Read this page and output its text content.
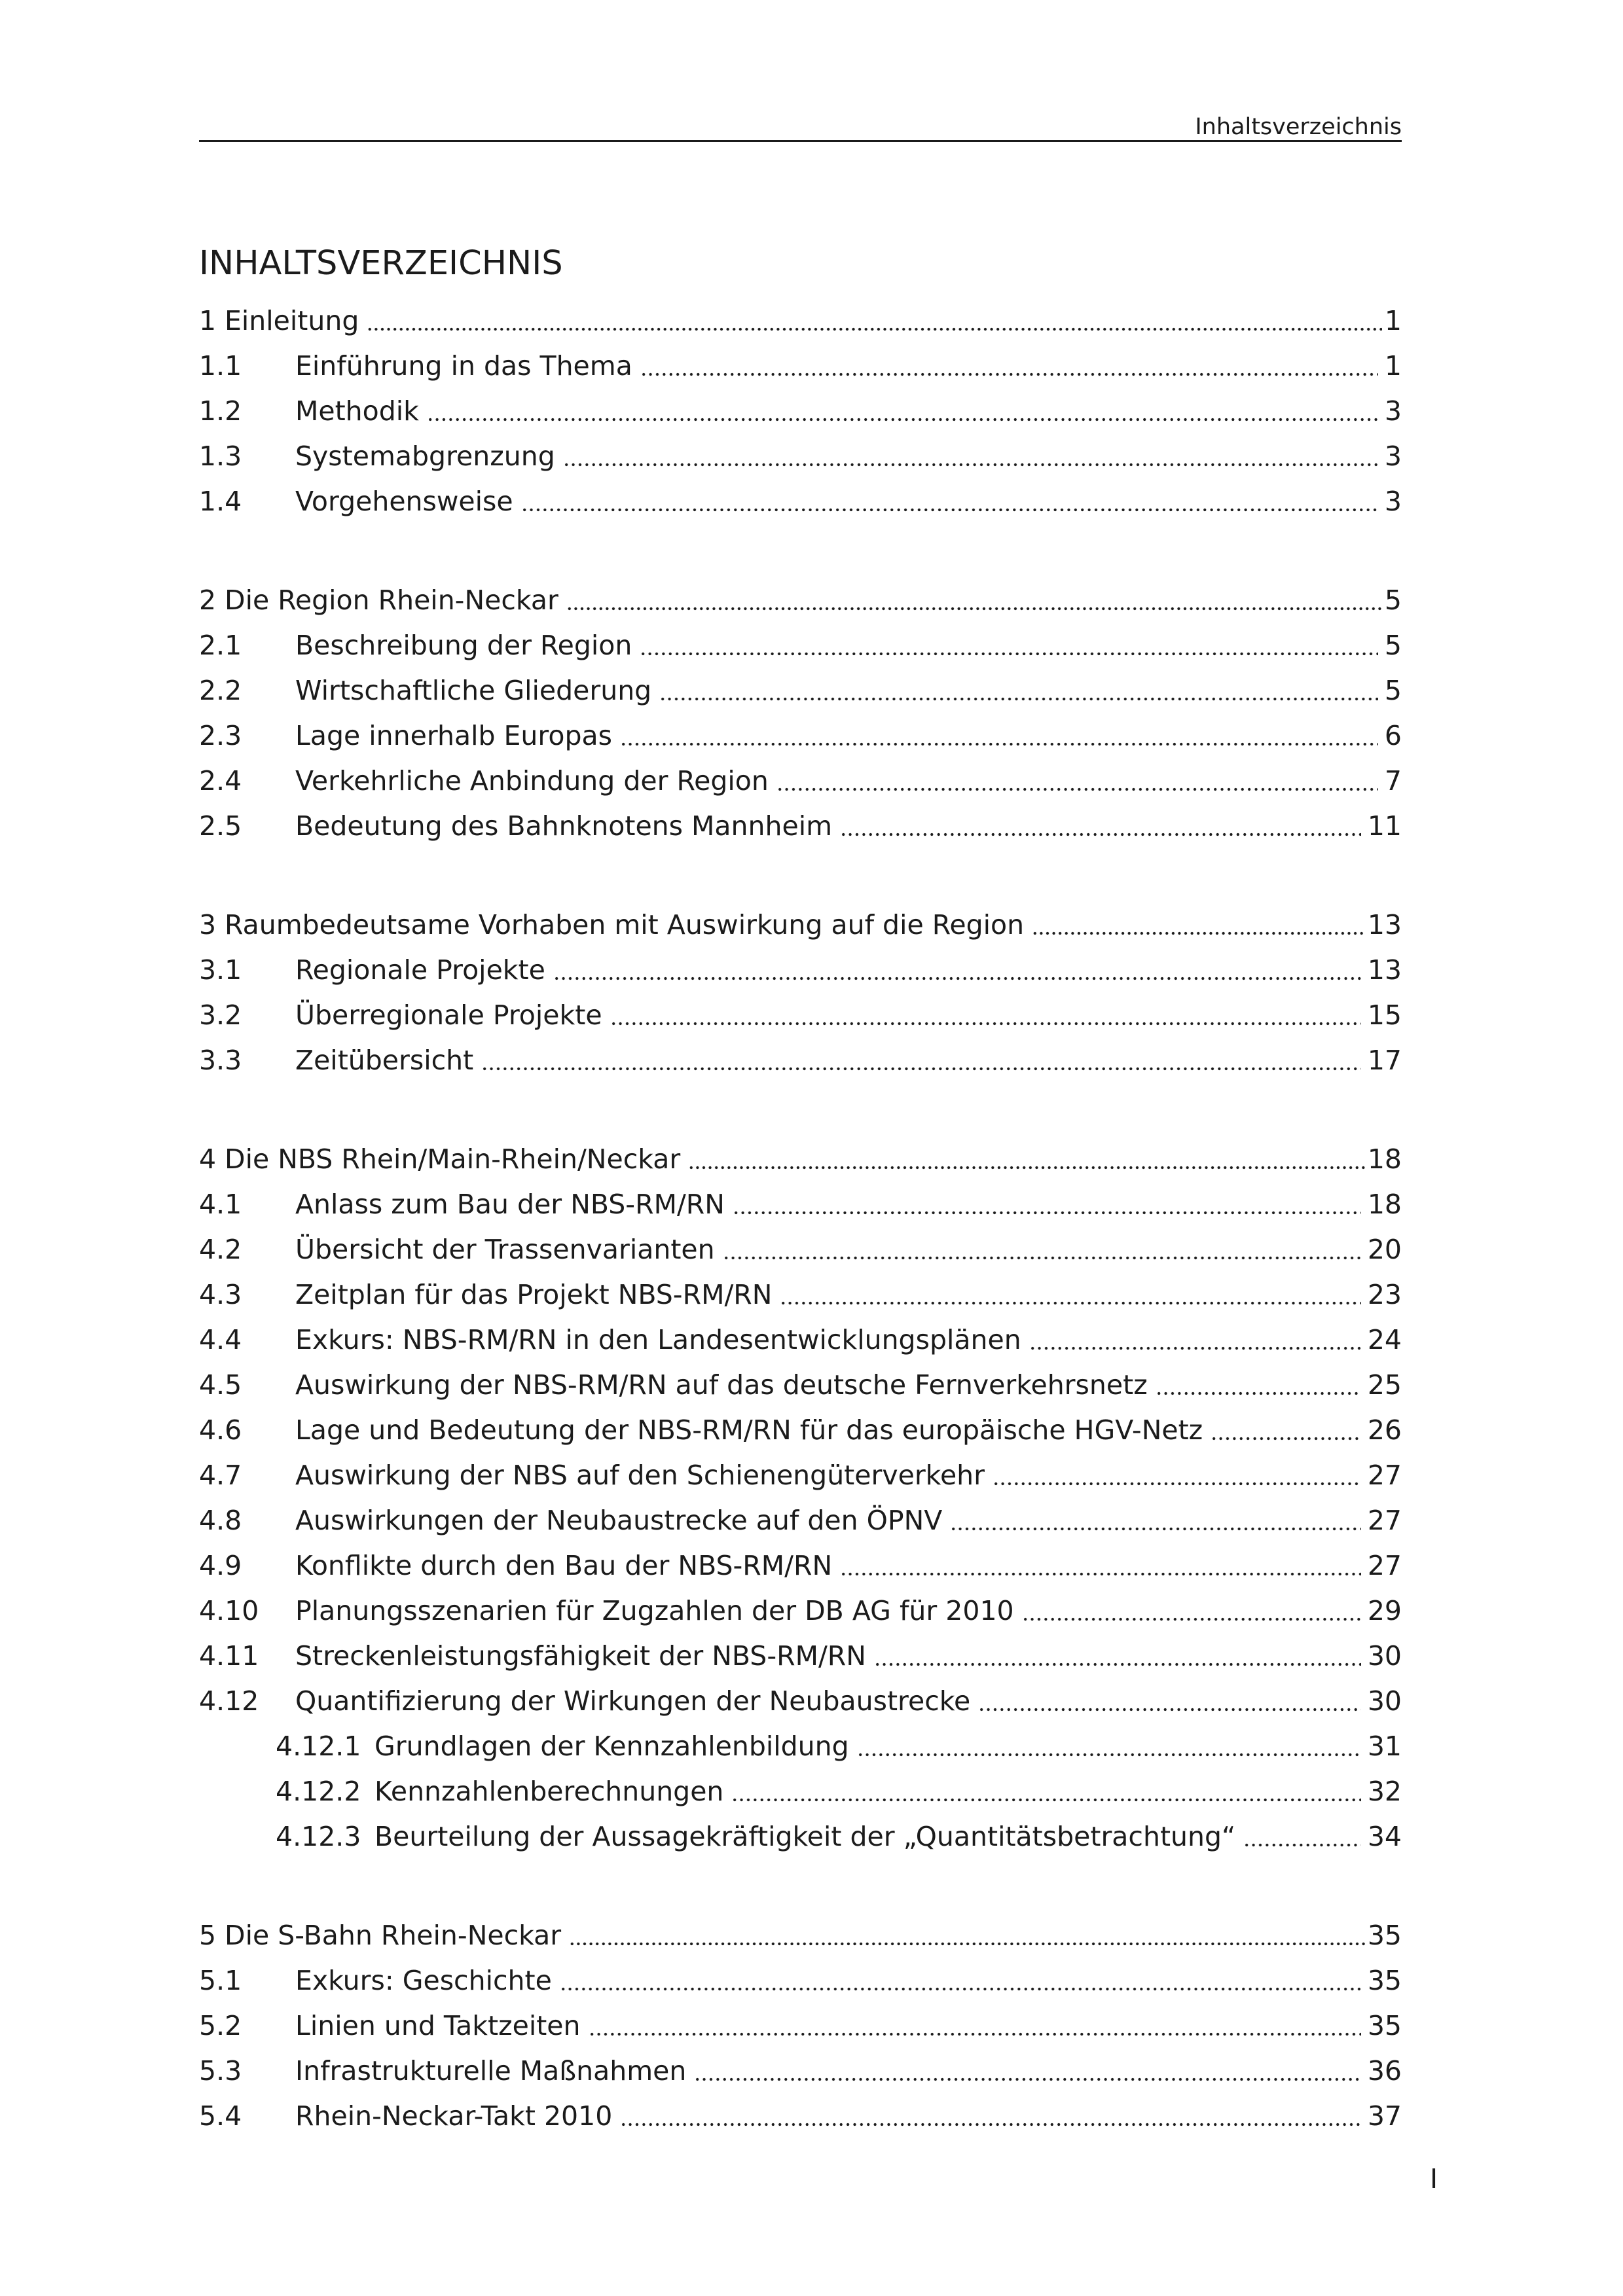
Inhaltsverzeichnis
INHALTSVERZEICHNIS
1 Einleitung	1
1.1	Einführung in das Thema	1
1.2	Methodik	3
1.3	Systemabgrenzung	3
1.4	Vorgehensweise	3
2 Die Region Rhein-Neckar	5
2.1	Beschreibung der Region	5
2.2	Wirtschaftliche Gliederung	5
2.3	Lage innerhalb Europas	6
2.4	Verkehrliche Anbindung der Region	7
2.5	Bedeutung des Bahnknotens Mannheim	11
3 Raumbedeutsame Vorhaben mit Auswirkung auf die Region	13
3.1	Regionale Projekte	13
3.2	Überregionale Projekte	15
3.3	Zeitübersicht	17
4 Die NBS Rhein/Main-Rhein/Neckar	18
4.1	Anlass zum Bau der NBS-RM/RN	18
4.2	Übersicht der Trassenvarianten	20
4.3	Zeitplan für das Projekt NBS-RM/RN	23
4.4	Exkurs: NBS-RM/RN in den Landesentwicklungsplänen	24
4.5	Auswirkung der NBS-RM/RN auf das deutsche Fernverkehrsnetz	25
4.6	Lage und Bedeutung der NBS-RM/RN für das europäische HGV-Netz	26
4.7	Auswirkung der NBS auf den Schienengüterverkehr	27
4.8	Auswirkungen der Neubaustrecke auf den ÖPNV	27
4.9	Konflikte durch den Bau der NBS-RM/RN	27
4.10	Planungsszenarien für Zugzahlen der DB AG für 2010	29
4.11	Streckenleistungsfähigkeit der NBS-RM/RN	30
4.12	Quantifizierung der Wirkungen der Neubaustrecke	30
4.12.1 Grundlagen der Kennzahlenbildung	31
4.12.2 Kennzahlenberechnungen	32
4.12.3 Beurteilung der Aussagekräftigkeit der „Quantitätsbetrachtung“	34
5 Die S-Bahn Rhein-Neckar	35
5.1	Exkurs: Geschichte	35
5.2	Linien und Taktzeiten	35
5.3	Infrastrukturelle Maßnahmen	36
5.4	Rhein-Neckar-Takt 2010	37
I
